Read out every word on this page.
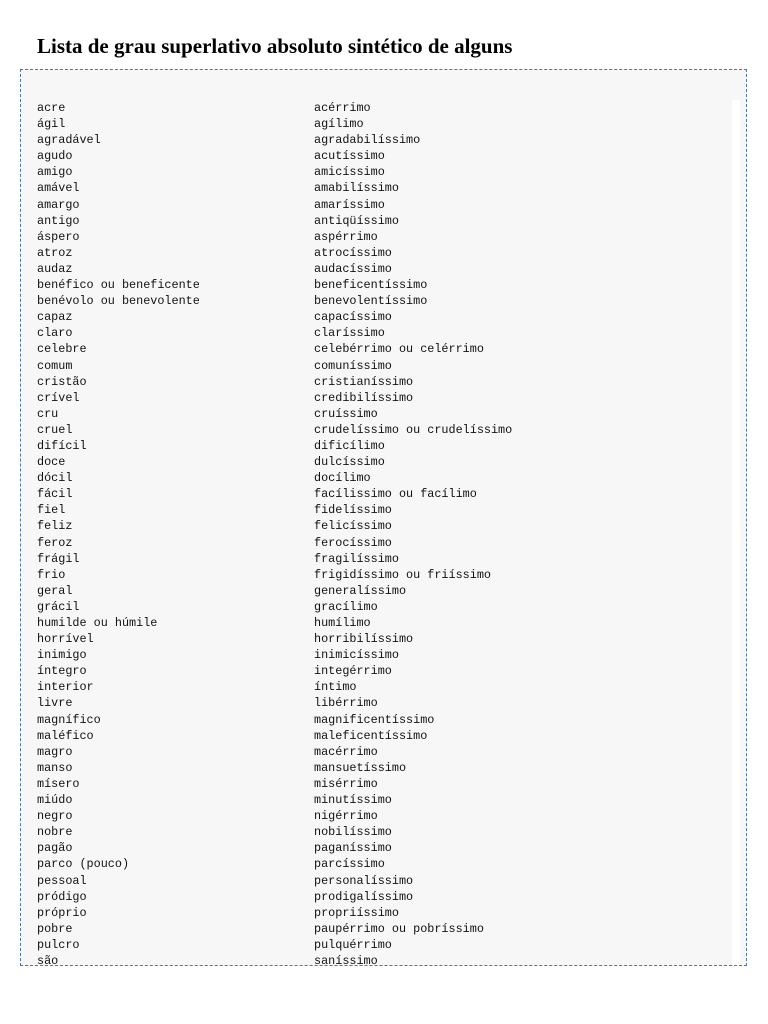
Lista de grau superlativo absoluto sintético de alguns
acre	acérrimo
ágil	agílimo
agradável	agradabilíssimo
agudo	acutíssimo
amigo	amicíssimo
amável	amabilíssimo
amargo	amaríssimo
antigo	antiqüíssimo
áspero	aspérrimo
atroz	atrocíssimo
audaz	audacíssimo
benéfico ou beneficente	beneficentíssimo
benévolo ou benevolente	benevolentíssimo
capaz	capacíssimo
claro	claríssimo
celebre	celebérrimo ou celérrimo
comum	comuníssimo
cristão	cristianíssimo
crível	credibilíssimo
cru	cruíssimo
cruel	crudelíssimo ou crudelíssimo
difícil	dificílimo
doce	dulcíssimo
dócil	docílimo
fácil	facílissimo ou facílimo
fiel	fidelíssimo
feliz	felicíssimo
feroz	ferocíssimo
frágil	fragilíssimo
frio	frigidíssimo ou friíssimo
geral	generalíssimo
grácil	gracílimo
humilde ou húmile	humílimo
horrível	horribilíssimo
inimigo	inimicíssimo
íntegro	integérrimo
interior	íntimo
livre	libérrimo
magnífico	magnificentíssimo
maléfico	maleficentíssimo
magro	macérrimo
manso	mansuetíssimo
mísero	misérrimo
miúdo	minutíssimo
negro	nigérrimo
nobre	nobilíssimo
pagão	paganíssimo
parco (pouco)	parcíssimo
pessoal	personalíssimo
pródigo	prodigalíssimo
próprio	propriíssimo
pobre	paupérrimo ou pobríssimo
pulcro	pulquérrimo
são	saníssimo
